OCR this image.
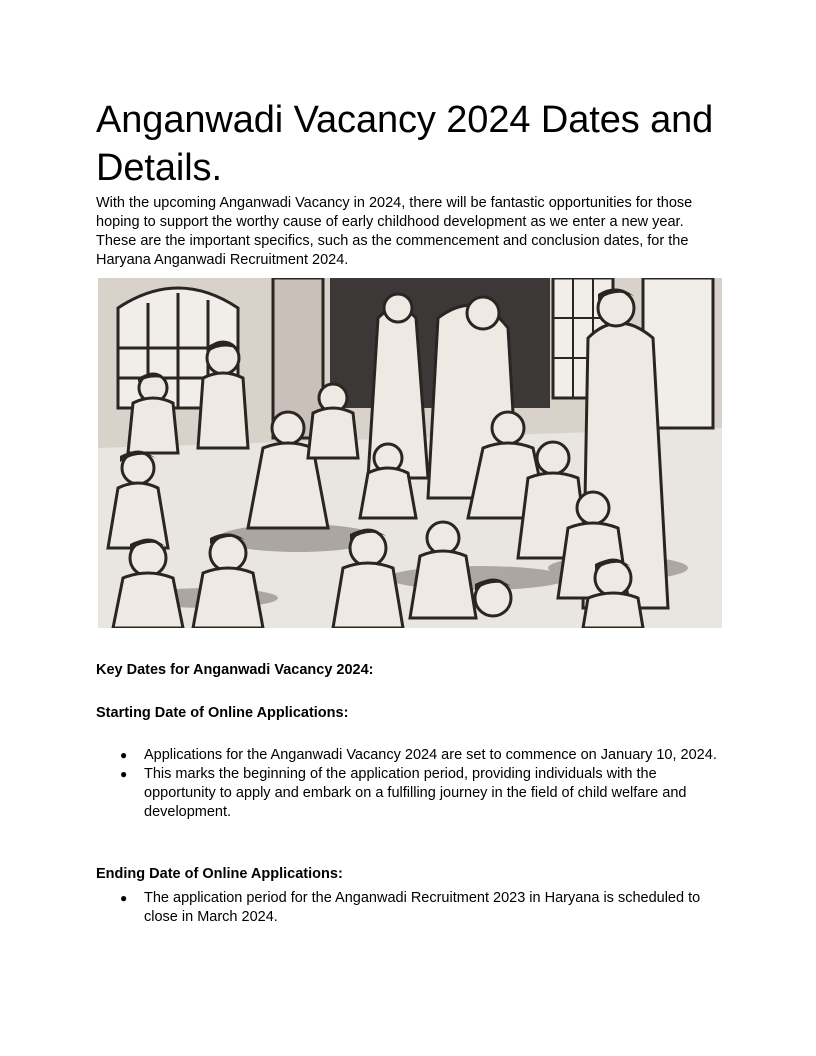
Anganwadi Vacancy 2024 Dates and Details.

With the upcoming Anganwadi Vacancy in 2024, there will be fantastic opportunities for those hoping to support the worthy cause of early childhood development as we enter a new year. These are the important specifics, such as the commencement and conclusion dates, for the Haryana Anganwadi Recruitment 2024.

Key Dates for Anganwadi Vacancy 2024:

Starting Date of Online Applications:

●	Applications for the Anganwadi Vacancy 2024 are set to commence on January 10, 2024.
●	This marks the beginning of the application period, providing individuals with the opportunity to apply and embark on a fulfilling journey in the field of child welfare and development.

Ending Date of Online Applications:

●	The application period for the Anganwadi Recruitment 2023 in Haryana is scheduled to close in March 2024.
